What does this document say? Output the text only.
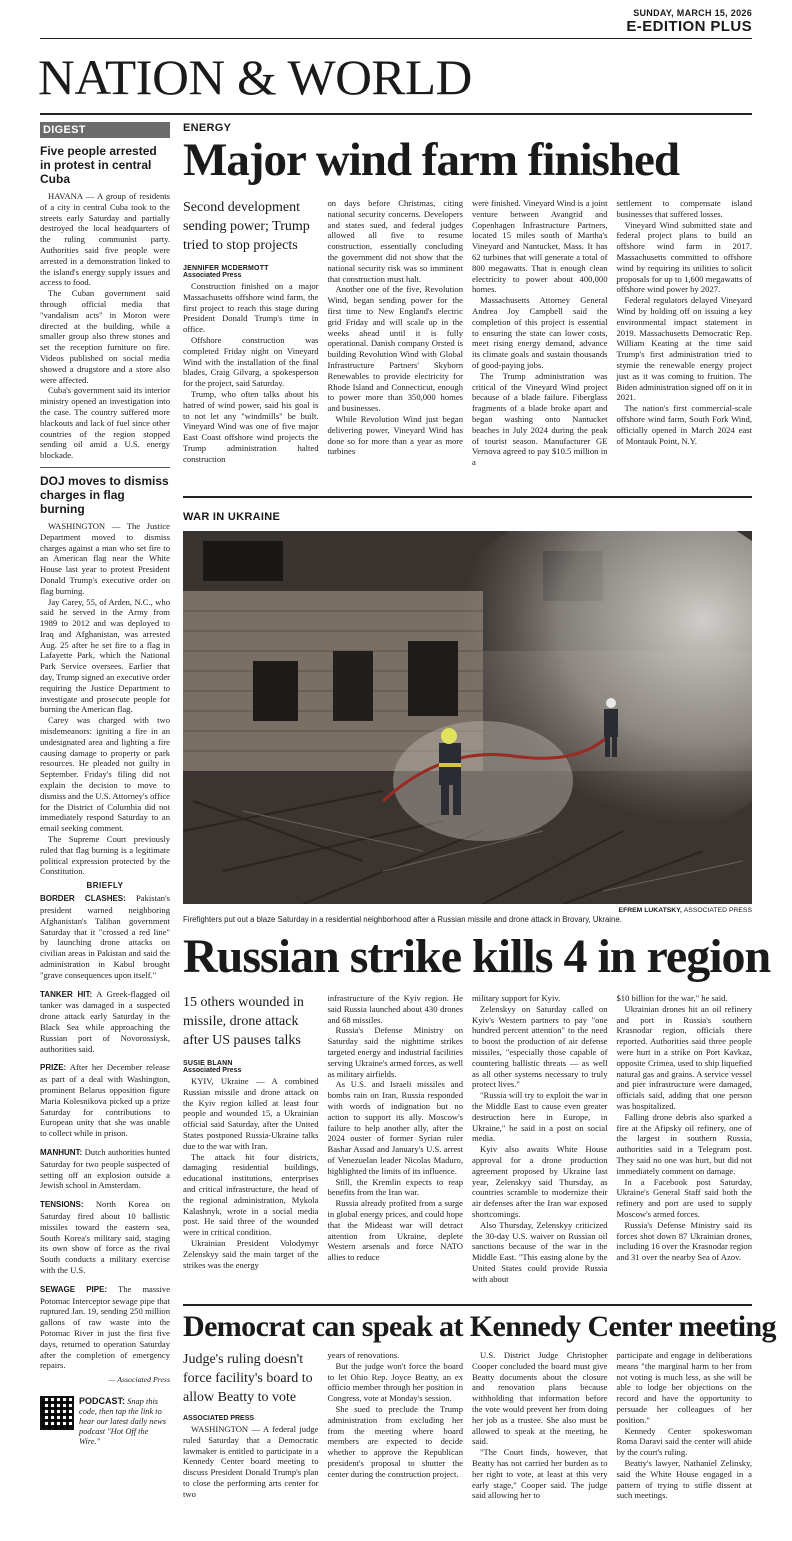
SUNDAY, MARCH 15, 2026
E-EDITION PLUS
NATION & WORLD
DIGEST
Five people arrested in protest in central Cuba

HAVANA — A group of residents of a city in central Cuba took to the streets early Saturday and partially destroyed the local headquarters of the ruling communist party. Authorities said five people were arrested in a demonstration linked to the island's energy supply issues and access to food.

The Cuban government said through official media that "vandalism acts" in Moron were directed at the building, while a smaller group also threw stones and set the reception furniture on fire. Videos published on social media showed a drugstore and a store also were affected.

Cuba's government said its interior ministry opened an investigation into the case. The country suffered more blackouts and lack of fuel since other countries of the region stopped sending oil amid a U.S. energy blockade.

DOJ moves to dismiss charges in flag burning

WASHINGTON — The Justice Department moved to dismiss charges against a man who set fire to an American flag near the White House last year to protest President Donald Trump's executive order on flag burning.

Jay Carey, 55, of Arden, N.C., who said he served in the Army from 1989 to 2012 and was deployed to Iraq and Afghanistan, was arrested Aug. 25 after he set fire to a flag in Lafayette Park, which the National Park Service oversees. Earlier that day, Trump signed an executive order requiring the Justice Department to investigate and prosecute people for burning the American flag.

Carey was charged with two misdemeanors: igniting a fire in an undesignated area and lighting a fire causing damage to property or park resources. He pleaded not guilty in September. Friday's filing did not explain the decision to move to dismiss and the U.S. Attorney's office for the District of Columbia did not immediately respond Saturday to an email seeking comment.

The Supreme Court previously ruled that flag burning is a legitimate political expression protected by the Constitution.

BRIEFLY

BORDER CLASHES: Pakistan's president warned neighboring Afghanistan's Taliban government Saturday that it "crossed a red line" by launching drone attacks on civilian areas in Pakistan and said the administration in Kabul brought "grave consequences upon itself."

TANKER HIT: A Greek-flagged oil tanker was damaged in a suspected drone attack early Saturday in the Black Sea while approaching the Russian port of Novorossiysk, authorities said.

PRIZE: After her December release as part of a deal with Washington, prominent Belarus opposition figure Maria Kolesnikova picked up a prize Saturday for contributions to European unity that she was unable to collect while in prison.

MANHUNT: Dutch authorities hunted Saturday for two people suspected of setting off an explosion outside a Jewish school in Amsterdam.

TENSIONS: North Korea on Saturday fired about 10 ballistic missiles toward the eastern sea, South Korea's military said, staging its own show of force as the rival South conducts a military exercise with the U.S.

SEWAGE PIPE: The massive Potomac Interceptor sewage pipe that ruptured Jan. 19, sending 250 million gallons of raw waste into the Potomac River in just the first five days, returned to operation Saturday after the completion of emergency repairs.

— Associated Press
PODCAST: Snap this code, then tap the link to hear our latest daily news podcast "Hot Off the Wire."
ENERGY
Major wind farm finished
Second development sending power; Trump tried to stop projects
JENNIFER MCDERMOTT
Associated Press

Construction finished on a major Massachusetts offshore wind farm, the first project to reach this stage during President Donald Trump's time in office.

Offshore construction was completed Friday night on Vineyard Wind with the installation of the final blades, Craig Gilvarg, a spokesperson for the project, said Saturday.

Trump, who often talks about his hatred of wind power, said his goal is to not let any "windmills" be built. Vineyard Wind was one of five major East Coast offshore wind projects the Trump administration halted construction

on days before Christmas, citing national security concerns. Developers and states sued, and federal judges allowed all five to resume construction, essentially concluding the government did not show that the national security risk was so imminent that construction must halt.

Another one of the five, Revolution Wind, began sending power for the first time to New England's electric grid Friday and will scale up in the weeks ahead until it is fully operational. Danish company Orsted is building Revolution Wind with Global Infrastructure Partners' Skyborn Renewables to provide electricity for Rhode Island and Connecticut, enough to power more than 350,000 homes and businesses.

While Revolution Wind just began delivering power, Vineyard Wind has done so for more than a year as more turbines

were finished. Vineyard Wind is a joint venture between Avangrid and Copenhagen Infrastructure Partners, located 15 miles south of Martha's Vineyard and Nantucket, Mass. It has 62 turbines that will generate a total of 800 megawatts. That is enough clean electricity to power about 400,000 homes.

Massachusetts Attorney General Andrea Joy Campbell said the completion of this project is essential to ensuring the state can lower costs, meet rising energy demand, advance its climate goals and sustain thousands of good-paying jobs.

The Trump administration was critical of the Vineyard Wind project because of a blade failure. Fiberglass fragments of a blade broke apart and began washing onto Nantucket beaches in July 2024 during the peak of tourist season. Manufacturer GE Vernova agreed to pay $10.5 million in a

settlement to compensate island businesses that suffered losses.

Vineyard Wind submitted state and federal project plans to build an offshore wind farm in 2017. Massachusetts committed to offshore wind by requiring its utilities to solicit proposals for up to 1,600 megawatts of offshore wind power by 2027.

Federal regulators delayed Vineyard Wind by holding off on issuing a key environmental impact statement in 2019. Massachusetts Democratic Rep. William Keating at the time said Trump's first administration tried to stymie the renewable energy project just as it was coming to fruition. The Biden administration signed off on it in 2021.

The nation's first commercial-scale offshore wind farm, South Fork Wind, officially opened in March 2024 east of Montauk Point, N.Y.

WAR IN UKRAINE
EFREM LUKATSKY, ASSOCIATED PRESS
Firefighters put out a blaze Saturday in a residential neighborhood after a Russian missile and drone attack in Brovary, Ukraine.
Russian strike kills 4 in region
15 others wounded in missile, drone attack after US pauses talks
SUSIE BLANN
Associated Press

KYIV, Ukraine — A combined Russian missile and drone attack on the Kyiv region killed at least four people and wounded 15, a Ukrainian official said Saturday, after the United States postponed Russia-Ukraine talks due to the war with Iran.

The attack hit four districts, damaging residential buildings, educational institutions, enterprises and critical infrastructure, the head of the regional administration, Mykola Kalashnyk, wrote in a social media post. He said three of the wounded were in critical condition.

Ukrainian President Volodymyr Zelenskyy said the main target of the strikes was the energy

infrastructure of the Kyiv region. He said Russia launched about 430 drones and 68 missiles.

Russia's Defense Ministry on Saturday said the nighttime strikes targeted energy and industrial facilities serving Ukraine's armed forces, as well as military airfields.

As U.S. and Israeli missiles and bombs rain on Iran, Russia responded with words of indignation but no action to support its ally. Moscow's failure to help another ally, after the 2024 ouster of former Syrian ruler Bashar Assad and January's U.S. arrest of Venezuelan leader Nicolas Maduro, highlighted the limits of its influence.

Still, the Kremlin expects to reap benefits from the Iran war.

Russia already profited from a surge in global energy prices, and could hope that the Mideast war will detract attention from Ukraine, deplete Western arsenals and force NATO allies to reduce

military support for Kyiv.

Zelenskyy on Saturday called on Kyiv's Western partners to pay "one hundred percent attention" to the need to boost the production of air defense missiles, "especially those capable of countering ballistic threats — as well as all other systems necessary to truly protect lives."

"Russia will try to exploit the war in the Middle East to cause even greater destruction here in Europe, in Ukraine," he said in a post on social media.

Kyiv also awaits White House approval for a drone production agreement proposed by Ukraine last year, Zelenskyy said Thursday, as countries scramble to modernize their air defenses after the Iran war exposed shortcomings.

Also Thursday, Zelenskyy criticized the 30-day U.S. waiver on Russian oil sanctions because of the war in the Middle East. "This easing alone by the United States could provide Russia with about

$10 billion for the war," he said.

Ukrainian drones hit an oil refinery and port in Russia's southern Krasnodar region, officials there reported. Authorities said three people were hurt in a strike on Port Kavkaz, opposite Crimea, used to ship liquefied natural gas and grains. A service vessel and pier infrastructure were damaged, officials said, adding that one person was hospitalized.

Falling drone debris also sparked a fire at the Afipsky oil refinery, one of the largest in southern Russia, authorities said in a Telegram post. They said no one was hurt, but did not immediately comment on damage.

In a Facebook post Saturday, Ukraine's General Staff said both the refinery and port are used to supply Moscow's armed forces.

Russia's Defense Ministry said its forces shot down 87 Ukrainian drones, including 16 over the Krasnodar region and 31 over the nearby Sea of Azov.

Democrat can speak at Kennedy Center meeting
Judge's ruling doesn't force facility's board to allow Beatty to vote
ASSOCIATED PRESS

WASHINGTON — A federal judge ruled Saturday that a Democratic lawmaker is entitled to participate in a Kennedy Center board meeting to discuss President Donald Trump's plan to close the performing arts center for two

years of renovations.

But the judge won't force the board to let Ohio Rep. Joyce Beatty, an ex officio member through her position in Congress, vote at Monday's session.

She sued to preclude the Trump administration from excluding her from the meeting where board members are expected to decide whether to approve the Republican president's proposal to shutter the center during the construction project.

U.S. District Judge Christopher Cooper concluded the board must give Beatty documents about the closure and renovation plans because withholding that information before the vote would prevent her from doing her job as a trustee. She also must be allowed to speak at the meeting, he said.

"The Court finds, however, that Beatty has not carried her burden as to her right to vote, at least at this very early stage," Cooper said. The judge said allowing her to

participate and engage in deliberations means "the marginal harm to her from not voting is much less, as she will be able to lodge her objections on the record and have the opportunity to persuade her colleagues of her position."

Kennedy Center spokeswoman Roma Daravi said the center will abide by the court's ruling.

Beatty's lawyer, Nathaniel Zelinsky, said the White House engaged in a pattern of trying to stifle dissent at such meetings.
